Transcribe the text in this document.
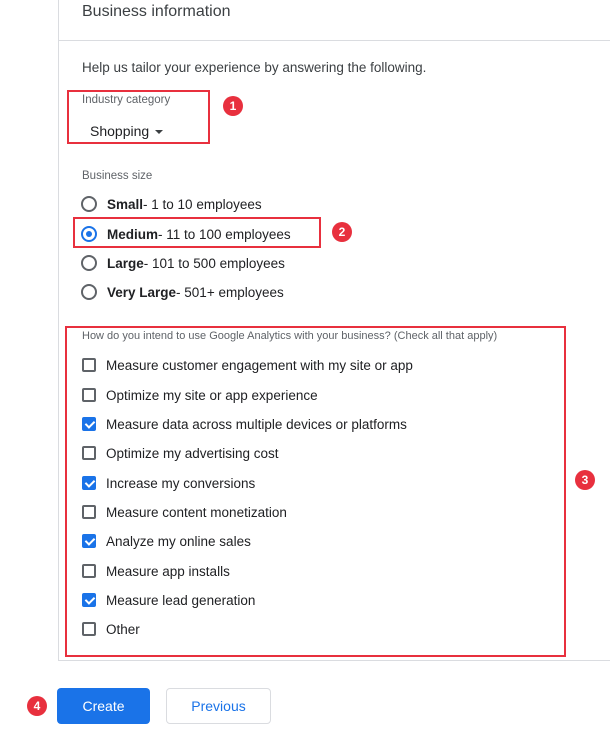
Business information
Help us tailor your experience by answering the following.
Industry category
Shopping
Business size
Small - 1 to 10 employees
Medium - 11 to 100 employees
Large - 101 to 500 employees
Very Large - 501+ employees
How do you intend to use Google Analytics with your business? (Check all that apply)
Measure customer engagement with my site or app
Optimize my site or app experience
Measure data across multiple devices or platforms
Optimize my advertising cost
Increase my conversions
Measure content monetization
Analyze my online sales
Measure app installs
Measure lead generation
Other
Create	Previous
1
2
3
4
